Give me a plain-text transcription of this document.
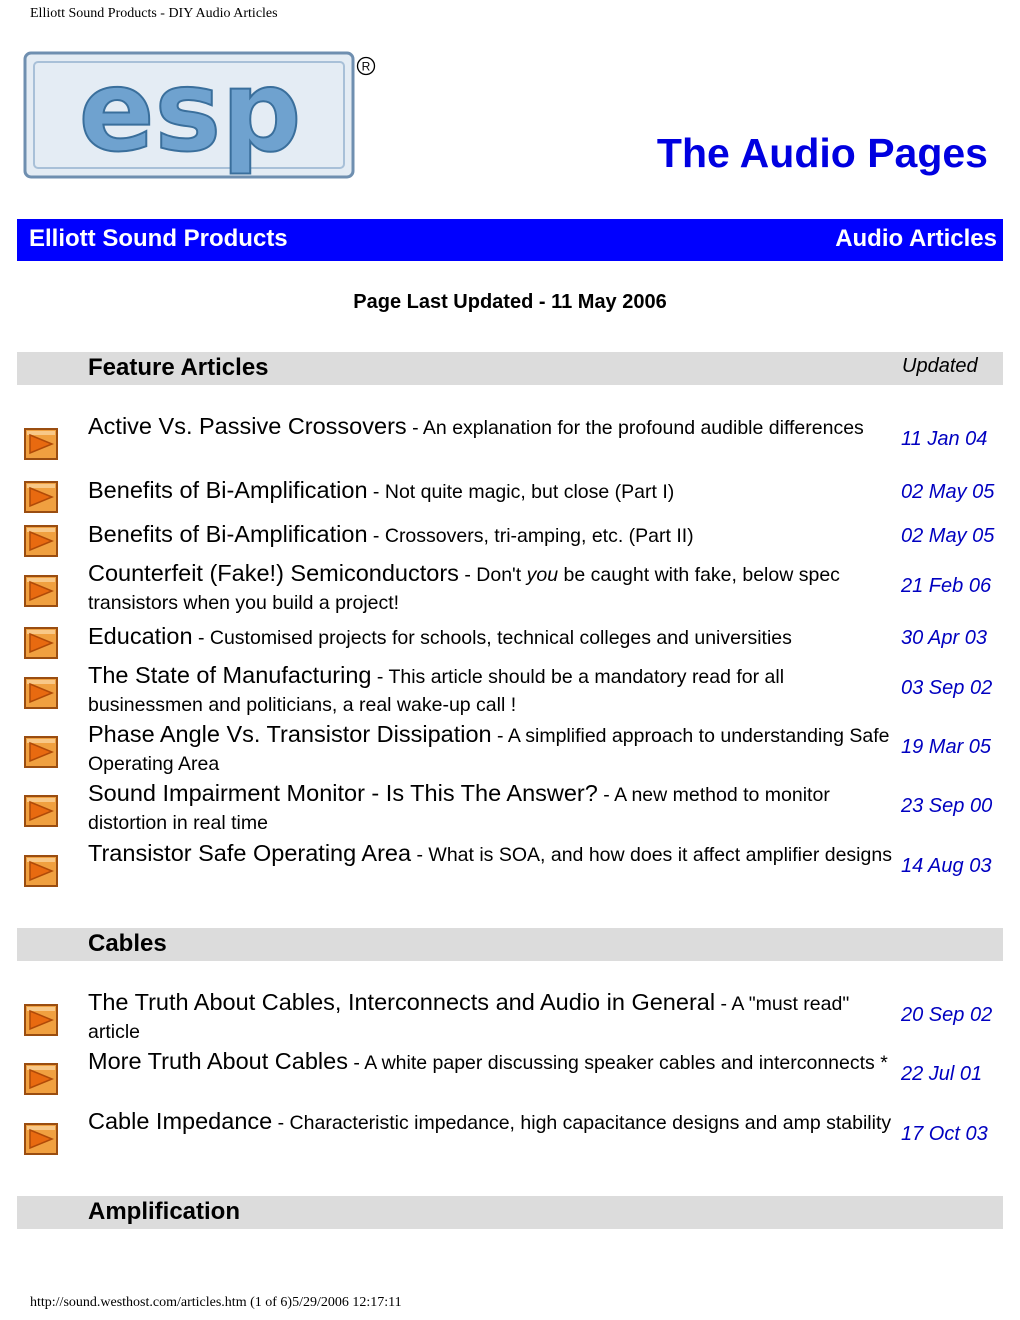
Elliott Sound Products - DIY Audio Articles
esp	R
The Audio Pages
Elliott Sound Products	Audio Articles
Page Last Updated - 11 May 2006
Feature Articles	Updated
Active Vs. Passive Crossovers - An explanation for the profound audible differences	11 Jan 04
Benefits of Bi-Amplification - Not quite magic, but close (Part I)	02 May 05
Benefits of Bi-Amplification - Crossovers, tri-amping, etc. (Part II)	02 May 05
Counterfeit (Fake!) Semiconductors - Don't you be caught with fake, below spec transistors when you build a project!
21 Feb 06
Education - Customised projects for schools, technical colleges and universities	30 Apr 03
The State of Manufacturing - This article should be a mandatory read for all businessmen and politicians, a real wake-up call !
03 Sep 02
Phase Angle Vs. Transistor Dissipation - A simplified approach to understanding Safe Operating Area
19 Mar 05
Sound Impairment Monitor - Is This The Answer? - A new method to monitor distortion in real time
23 Sep 00
Transistor Safe Operating Area - What is SOA, and how does it affect amplifier designs 14 Aug 03
Cables
The Truth About Cables, Interconnects and Audio in General - A "must read" article
20 Sep 02
More Truth About Cables - A white paper discussing speaker cables and interconnects * 22 Jul 01
Cable Impedance - Characteristic impedance, high capacitance designs and amp stability 17 Oct 03
Amplification
http://sound.westhost.com/articles.htm (1 of 6)5/29/2006 12:17:11
